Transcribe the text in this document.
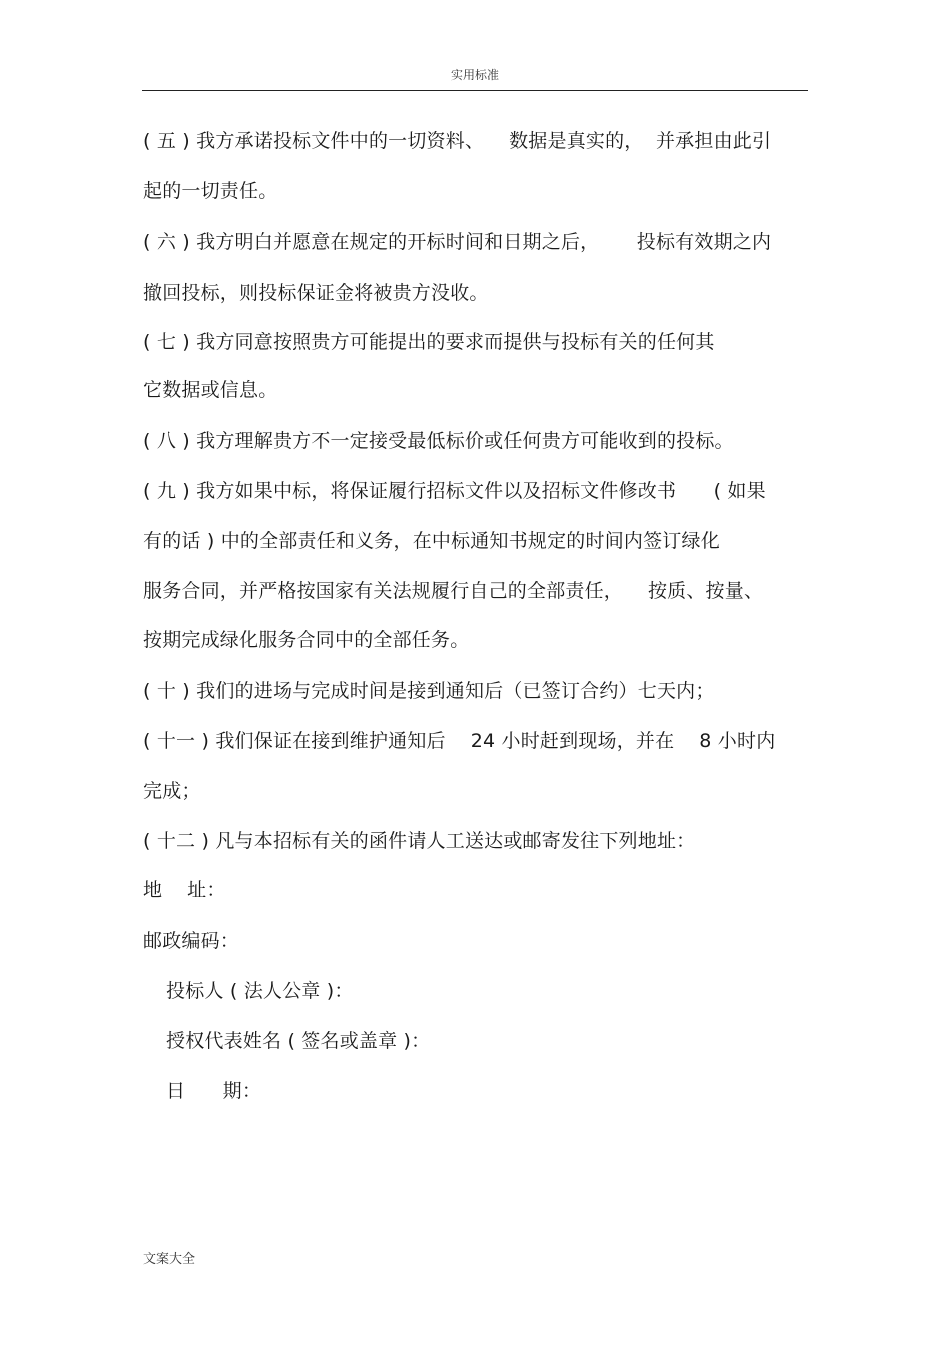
实用标准
( 五 ) 我方承诺投标文件中的一切资料、    数据是真实的，  并承担由此引
起的一切责任。
( 六 ) 我方明白并愿意在规定的开标时间和日期之后，      投标有效期之内
撤回投标，则投标保证金将被贵方没收。
( 七 ) 我方同意按照贵方可能提出的要求而提供与投标有关的任何其
它数据或信息。
( 八 ) 我方理解贵方不一定接受最低标价或任何贵方可能收到的投标。
( 九 ) 我方如果中标，将保证履行招标文件以及招标文件修改书      ( 如果
有的话 ) 中的全部责任和义务，在中标通知书规定的时间内签订绿化
服务合同，并严格按国家有关法规履行自己的全部责任，    按质、按量、
按期完成绿化服务合同中的全部任务。
( 十 ) 我们的进场与完成时间是接到通知后（已签订合约）七天内；
( 十一 ) 我们保证在接到维护通知后    24 小时赶到现场，并在    8 小时内
完成；
( 十二 ) 凡与本招标有关的函件请人工送达或邮寄发往下列地址：
地    址：
邮政编码：
投标人 ( 法人公章 )：
授权代表姓名 ( 签名或盖章 )：
日      期：
文案大全
